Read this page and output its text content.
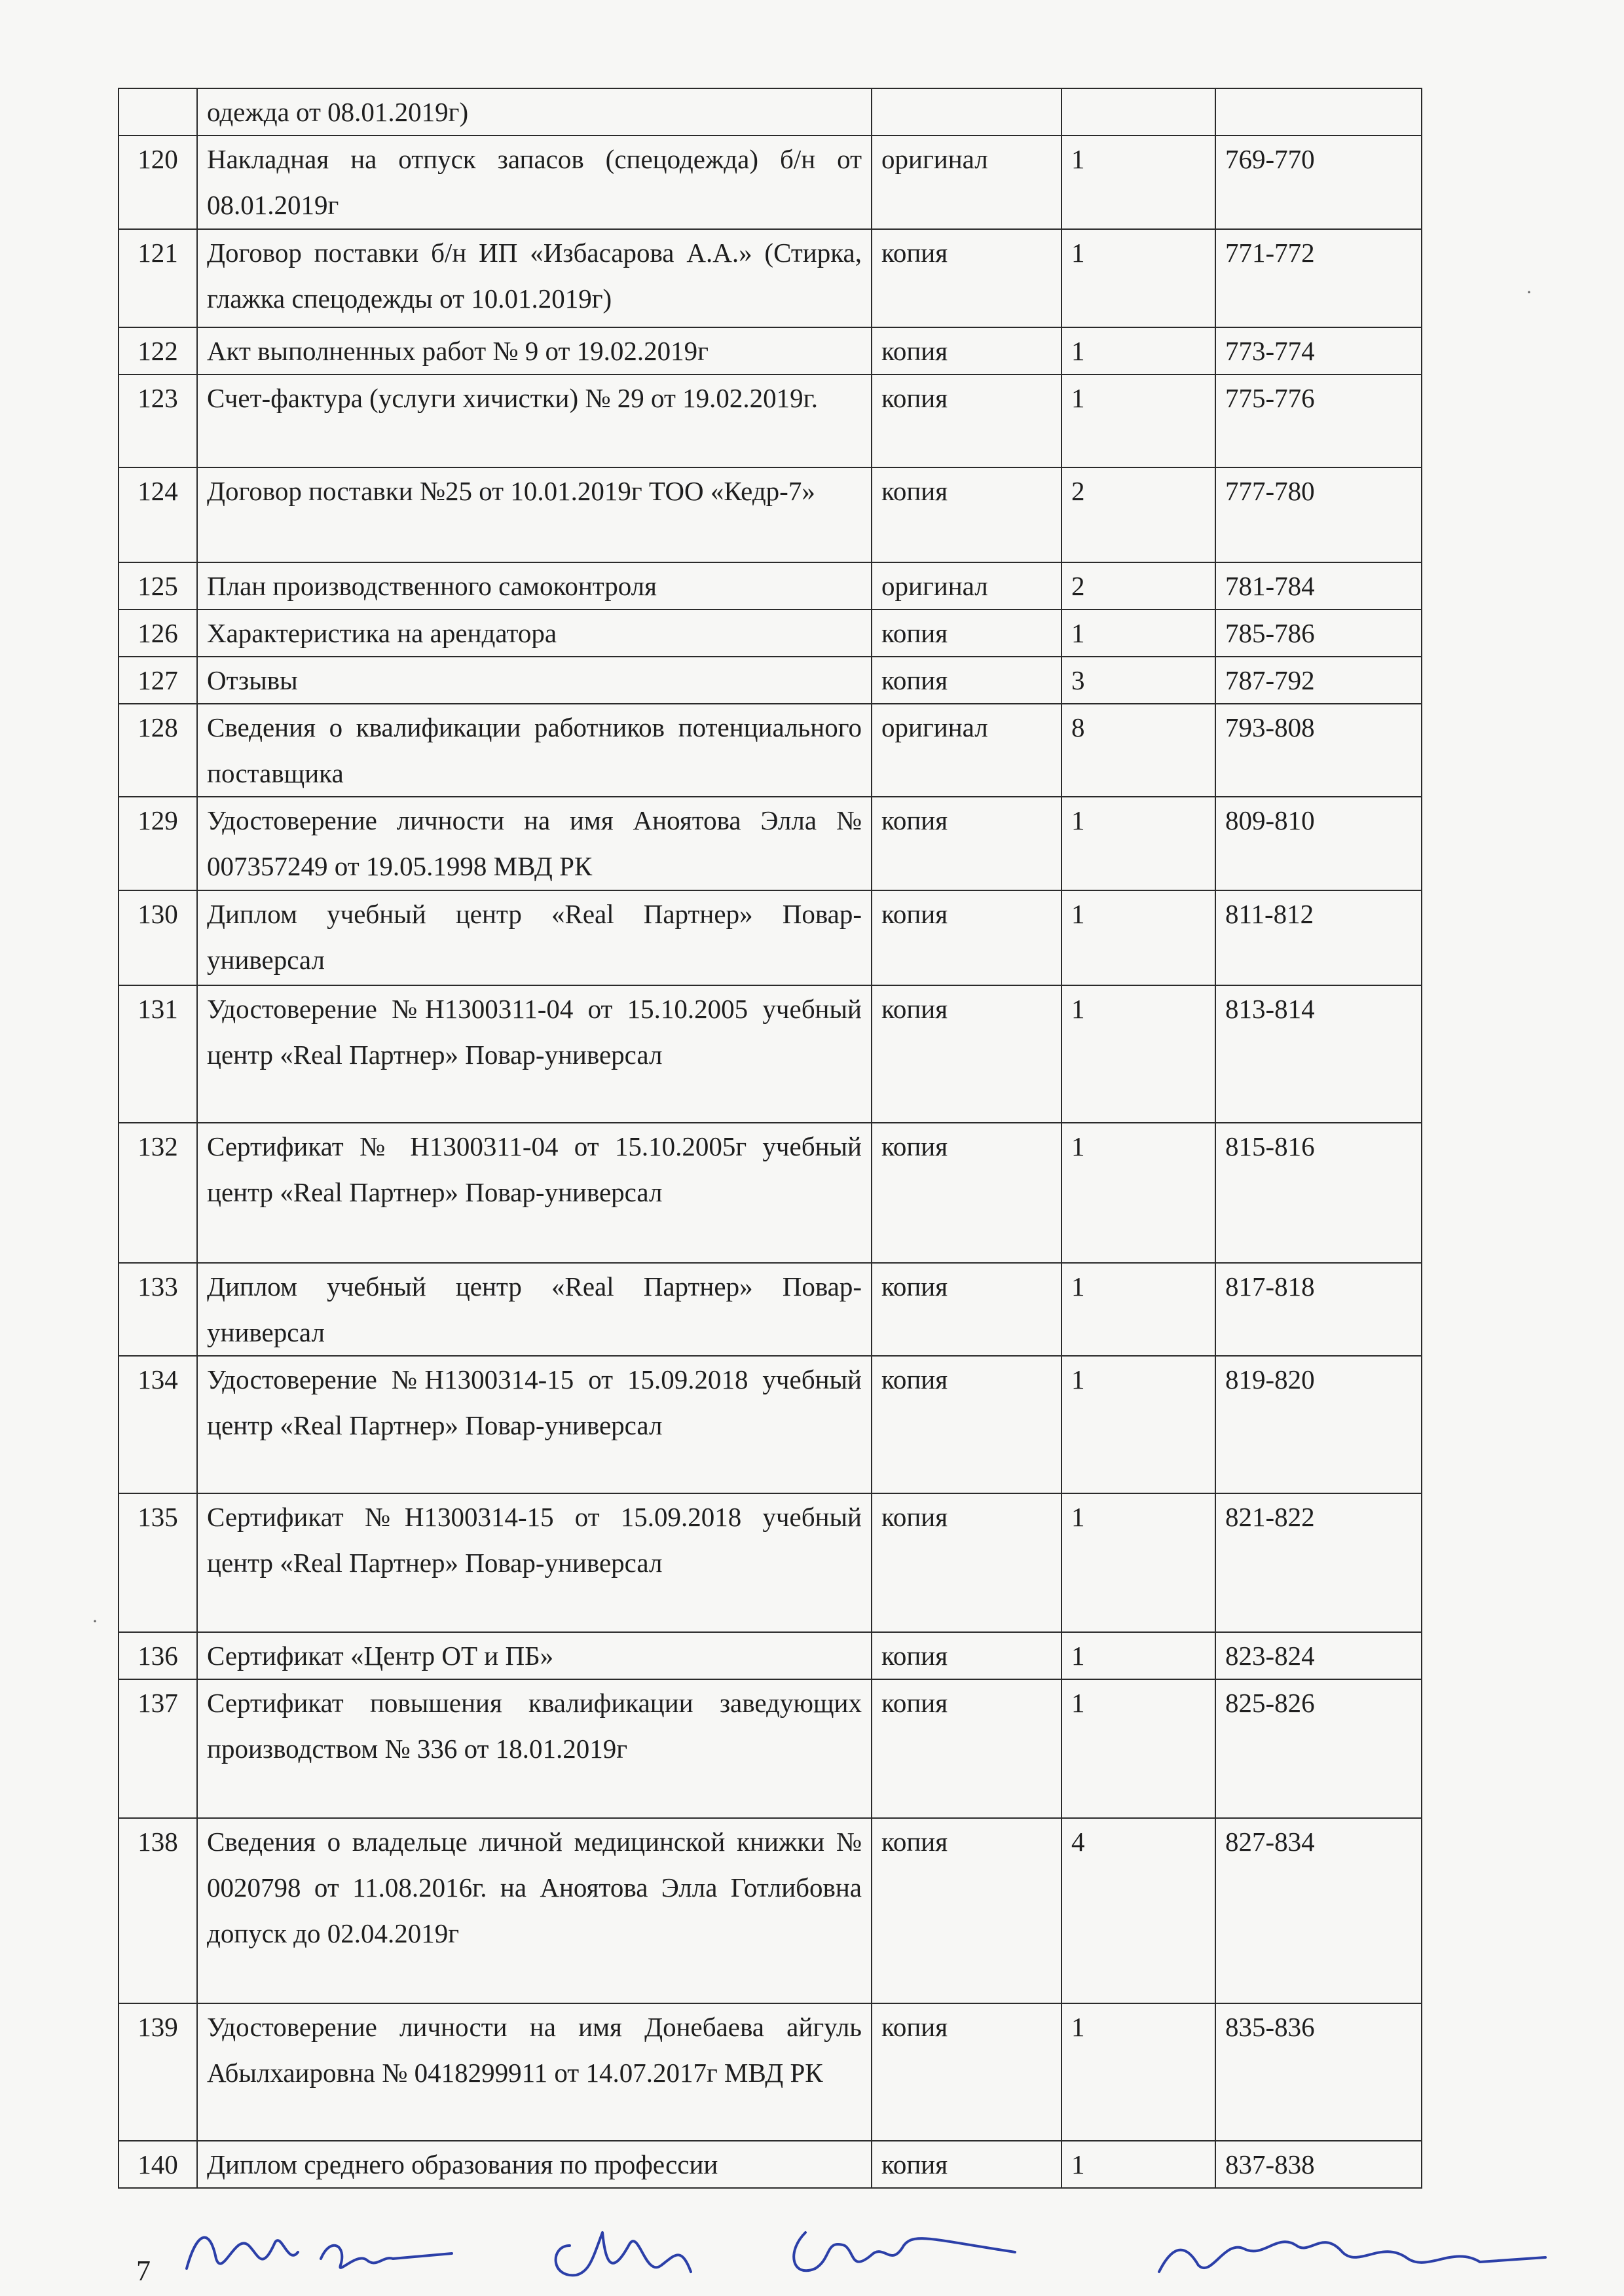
	одежда от 08.01.2019г)			
120	Накладная на отпуск запасов (спецодежда) б/н от 08.01.2019г	оригинал	1	769-770
121	Договор поставки б/н ИП «Избасарова А.А.» (Стирка, глажка спецодежды от 10.01.2019г)	копия	1	771-772
122	Акт выполненных работ № 9 от 19.02.2019г	копия	1	773-774
123	Счет-фактура (услуги хичистки) № 29 от 19.02.2019г.	копия	1	775-776
124	Договор поставки №25 от 10.01.2019г ТОО «Кедр-7»	копия	2	777-780
125	План производственного самоконтроля	оригинал	2	781-784
126	Характеристика на арендатора	копия	1	785-786
127	Отзывы	копия	3	787-792
128	Сведения о квалификации работников потенциального поставщика	оригинал	8	793-808
129	Удостоверение личности на имя Аноятова Элла № 007357249 от 19.05.1998 МВД РК	копия	1	809-810
130	Диплом учебный центр «Real Партнер» Повар-универсал	копия	1	811-812
131	Удостоверение №Н1300311-04 от 15.10.2005 учебный центр «Real Партнер» Повар-универсал	копия	1	813-814
132	Сертификат № Н1300311-04 от 15.10.2005г учебный центр «Real Партнер» Повар-универсал	копия	1	815-816
133	Диплом учебный центр «Real Партнер» Повар-универсал	копия	1	817-818
134	Удостоверение №Н1300314-15 от 15.09.2018 учебный центр «Real Партнер» Повар-универсал	копия	1	819-820
135	Сертификат №Н1300314-15 от 15.09.2018 учебный центр «Real Партнер» Повар-универсал	копия	1	821-822
136	Сертификат «Центр ОТ и ПБ»	копия	1	823-824
137	Сертификат повышения квалификации заведующих производством № 336 от 18.01.2019г	копия	1	825-826
138	Сведения о владельце личной медицинской книжки № 0020798 от 11.08.2016г. на Аноятова Элла Готлибовна допуск до 02.04.2019г	копия	4	827-834
139	Удостоверение личности на имя Донебаева айгуль Абылхаировна № 0418299911 от 14.07.2017г МВД РК	копия	1	835-836
140	Диплом среднего образования по профессии	копия	1	837-838
7
·
·
